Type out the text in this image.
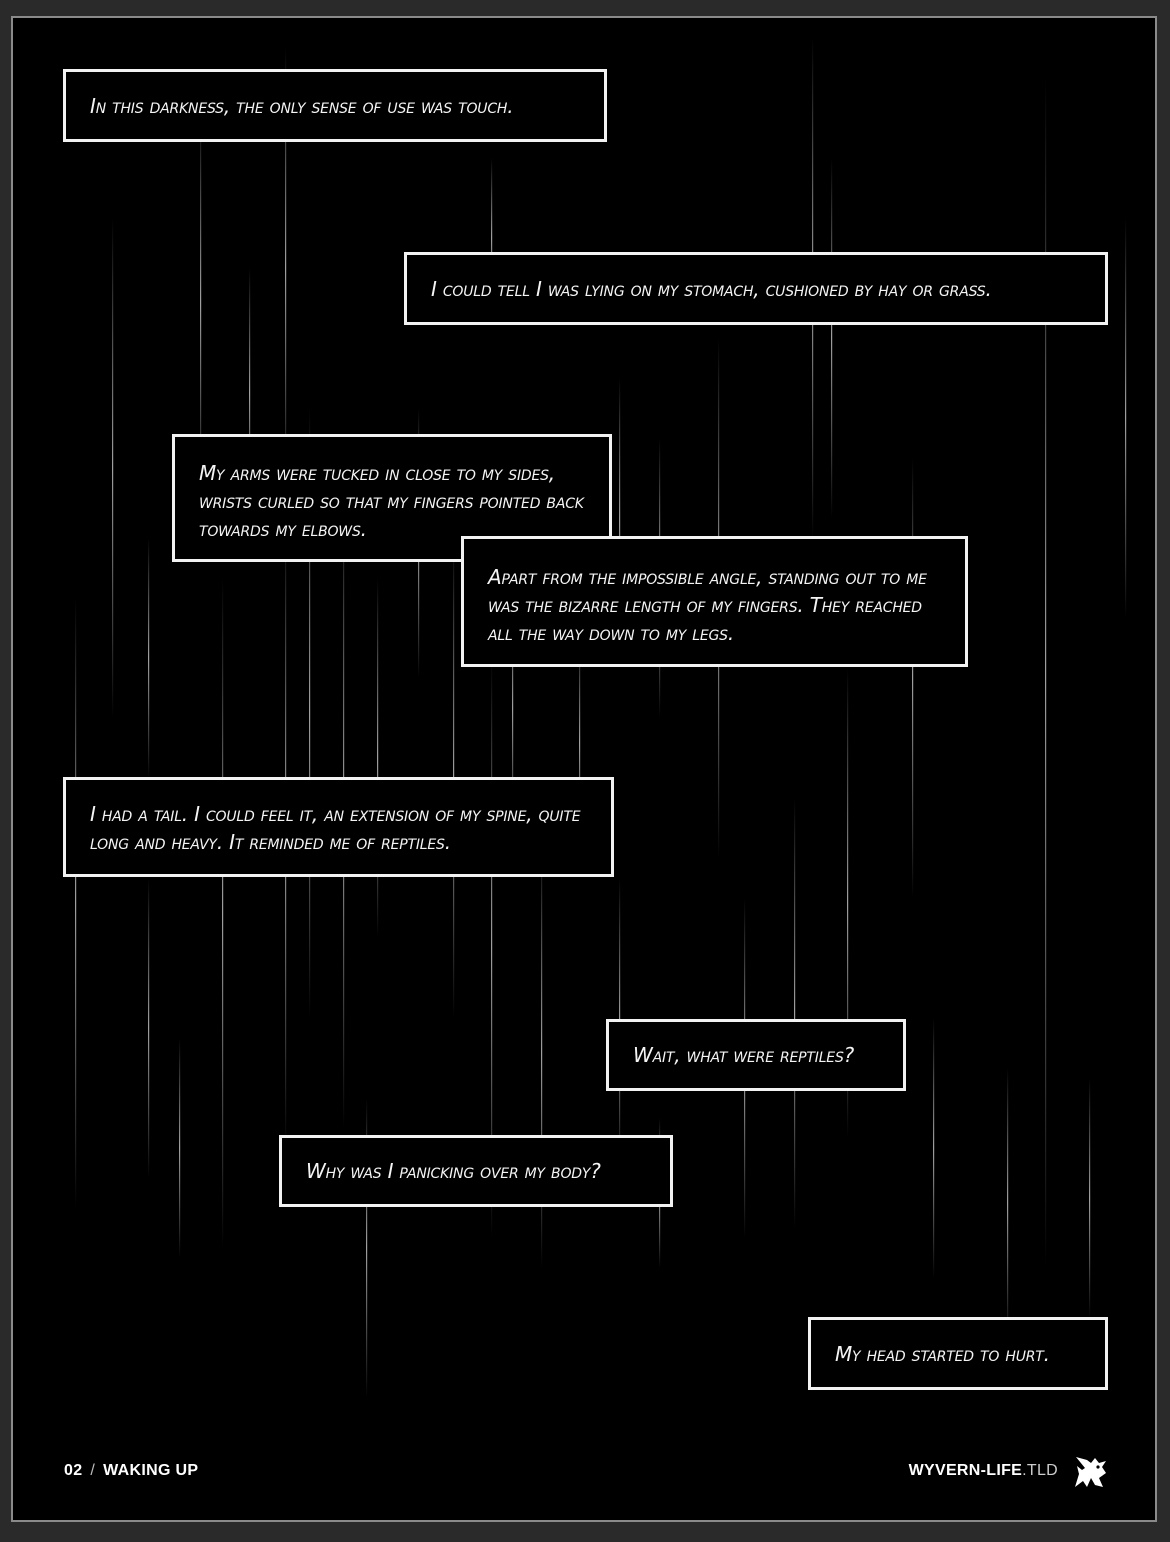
In this darkness, the only sense of use was touch.
I could tell I was lying on my stomach, cushioned by hay or grass.
My arms were tucked in close to my sides, wrists curled so that my fingers pointed back towards my elbows.
Apart from the impossible angle, standing out to me was the bizarre length of my fingers. They reached all the way down to my legs.
I had a tail. I could feel it, an extension of my spine, quite long and heavy. It reminded me of reptiles.
Wait, what were reptiles?
Why was I panicking over my body?
My head started to hurt.
02 / WAKING UP	WYVERN-LIFE.TLD
